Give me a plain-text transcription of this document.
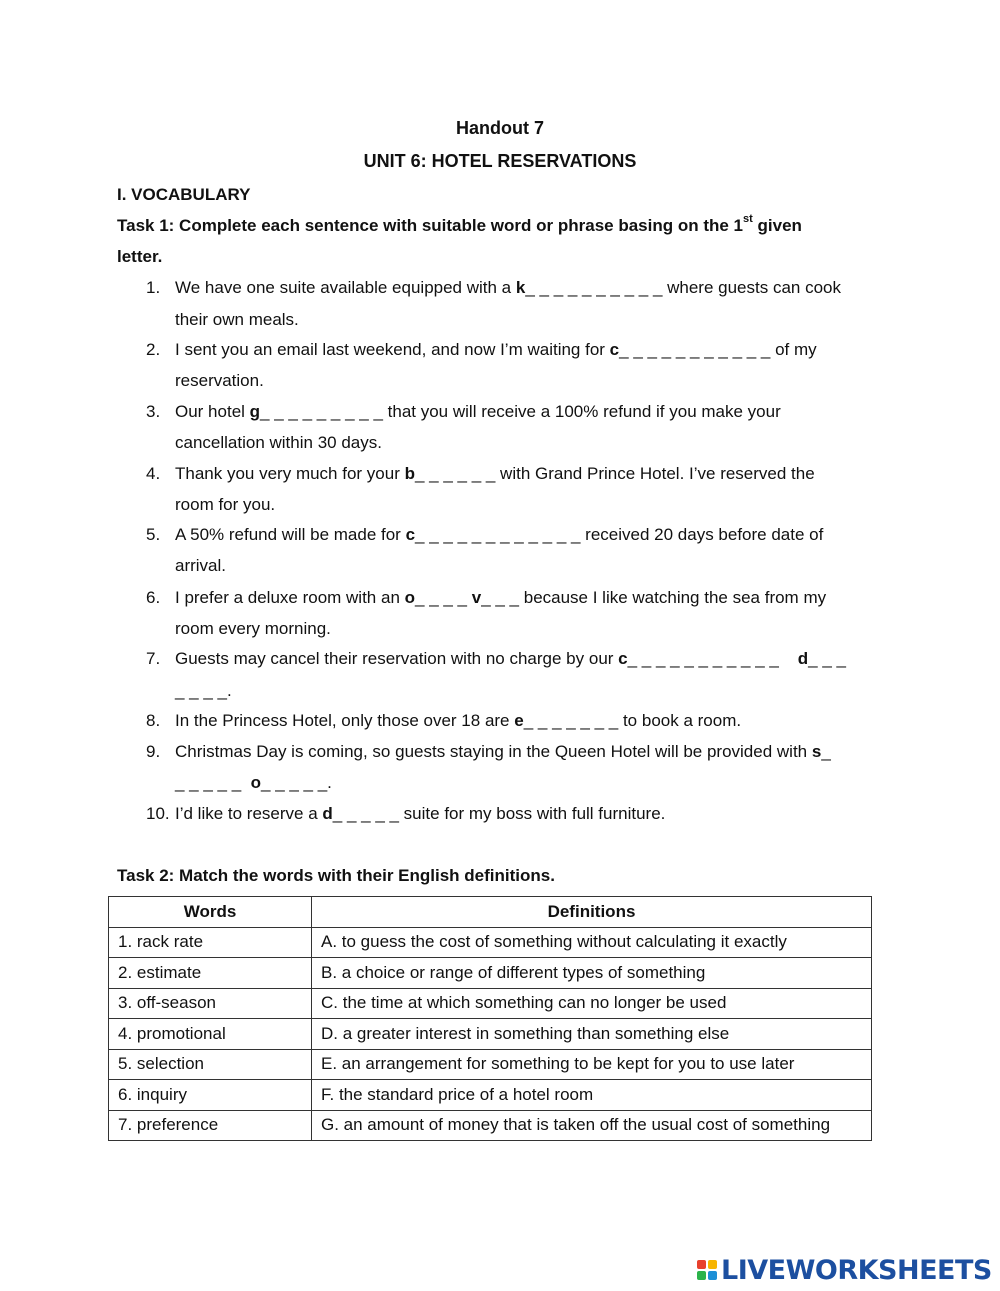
Handout 7
UNIT 6: HOTEL RESERVATIONS
I. VOCABULARY
Task 1: Complete each sentence with suitable word or phrase basing on the 1st given
letter.
1. We have one suite available equipped with a k_ _ _ _ _ _ _ _ _ _ where guests can cook
their own meals.
2. I sent you an email last weekend, and now I’m waiting for c_ _ _ _ _ _ _ _ _ _ _ of my
reservation.
3. Our hotel g_ _ _ _ _ _ _ _ _ that you will receive a 100% refund if you make your
cancellation within 30 days.
4. Thank you very much for your b_ _ _ _ _ _ with Grand Prince Hotel. I’ve reserved the
room for you.
5. A 50% refund will be made for c_ _ _ _ _ _ _ _ _ _ _ _ received 20 days before date of
arrival.
6. I prefer a deluxe room with an o_ _ _ _ v_ _ _ because I like watching the sea from my
room every morning.
7. Guests may cancel their reservation with no charge by our c_ _ _ _ _ _ _ _ _ _ _    d_ _ _
_ _ _ _.
8. In the Princess Hotel, only those over 18 are e_ _ _ _ _ _ _ to book a room.
9. Christmas Day is coming, so guests staying in the Queen Hotel will be provided with s_
_ _ _ _ _  o_ _ _ _ _.
10. I’d like to reserve a d_ _ _ _ _ suite for my boss with full furniture.
Task 2: Match the words with their English definitions.
Words	Definitions
1. rack rate	A. to guess the cost of something without calculating it exactly
2. estimate	B. a choice or range of different types of something
3. off-season	C. the time at which something can no longer be used
4. promotional	D. a greater interest in something than something else
5. selection	E. an arrangement for something to be kept for you to use later
6. inquiry	F. the standard price of a hotel room
7. preference	G. an amount of money that is taken off the usual cost of something
LIVEWORKSHEETS
